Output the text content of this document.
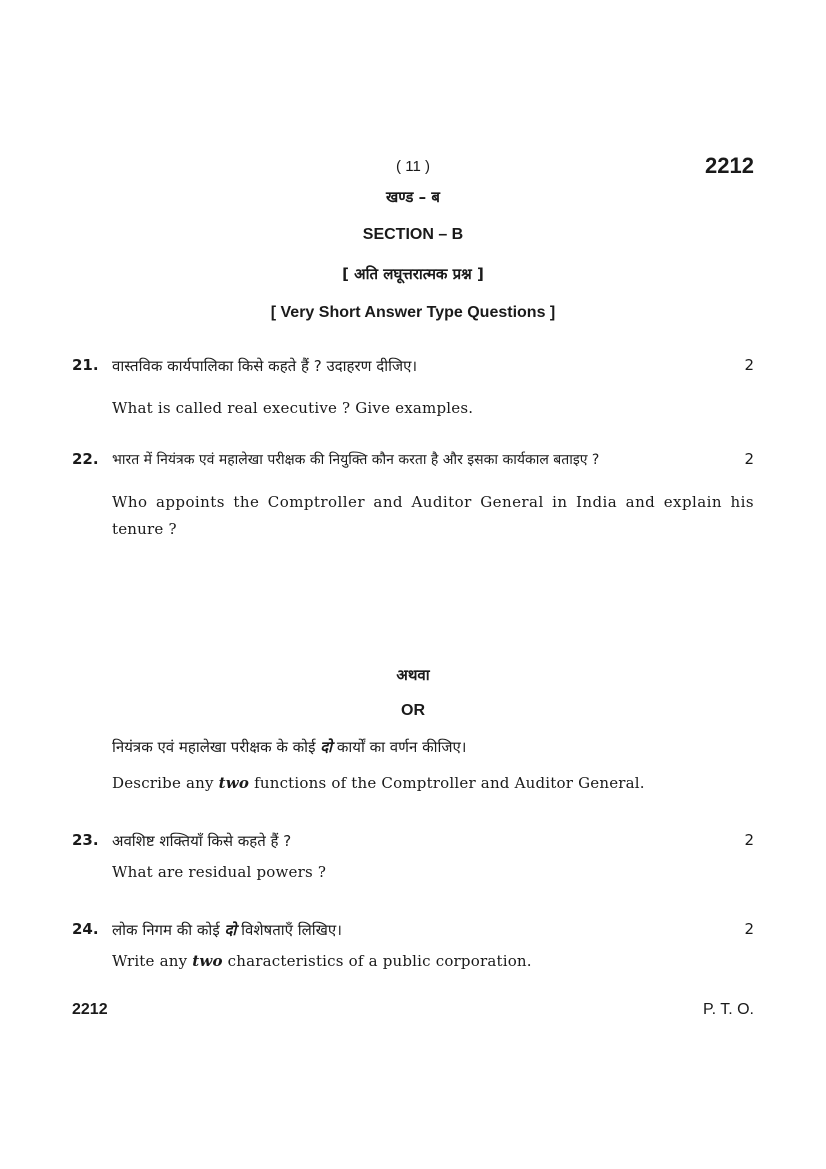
( 11 )	2212
खण्ड – ब
SECTION – B
[ अति लघूत्तरात्मक प्रश्न ]
[ Very Short Answer Type Questions ]
21. वास्तविक कार्यपालिका किसे कहते हैं ? उदाहरण दीजिए।	2
What is called real executive ? Give examples.
22. भारत में नियंत्रक एवं महालेखा परीक्षक की नियुक्ति कौन करता है और इसका कार्यकाल बताइए ?	2
Who appoints the Comptroller and Auditor General in India and explain his
tenure ?
अथवा
OR
नियंत्रक एवं महालेखा परीक्षक के कोई दो कार्यों का वर्णन कीजिए।
Describe any two functions of the Comptroller and Auditor General.
23. अवशिष्ट शक्तियाँ किसे कहते हैं ?	2
What are residual powers ?
24. लोक निगम की कोई दो विशेषताएँ लिखिए।	2
Write any two characteristics of a public corporation.
2212	P. T. O.
